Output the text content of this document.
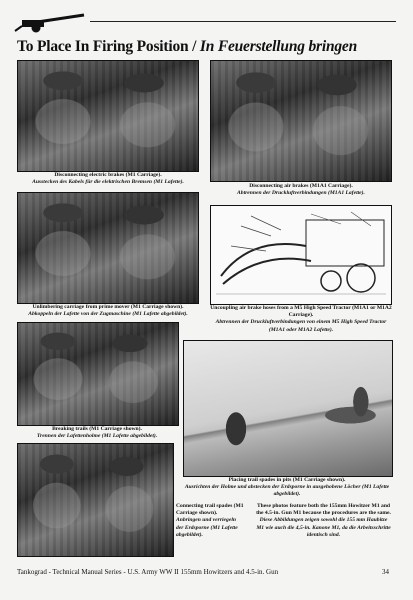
To Place In Firing Position / In Feuerstellung bringen
Disconnecting electric brakes (M1 Carriage).
Ausstecken des Kabels für die elektrischen Bremsen (M1 Lafette).
Disconnecting air brakes (M1A1 Carriage).
Abtrennen der Druckluftverbindungen (M1A1 Lafette).
Unlimbering carriage from prime mover (M1 Carriage shown).
Abkoppeln der Lafette von der Zugmaschine (M1 Lafette abgebildet).
Uncoupling air brake hoses from a M5 High Speed Tractor (M1A1 or M1A2 Carriage).
Abtrennen der Druckluftverbindungen von einem M5 High Speed Tractor (M1A1 oder M1A2 Lafette).
Breaking trails (M1 Carriage shown).
Trennen der Lafettenholme (M1 Lafette abgebildet).
Placing trail spades in pits (M1 Carriage shown).
Ausrichten der Holme und abstecken der Erdsporne in ausgehobene Löcher (M1 Lafette abgebildet).
Connecting trail spades (M1 Carriage shown).
Anbringen und verriegeln der Erdsporne (M1 Lafette abgebildet).
These photos feature both the 155mm Howitzer M1 and the 4.5-in. Gun M1 because the procedures are the same.
Diese Abbildungen zeigen sowohl die 155 mm Haubitze M1 wie auch die 4,5-in. Kanone M1, da die Arbeitsschritte identisch sind.
Tankograd - Technical Manual Series - U.S. Army WW II 155mm Howitzers and 4.5-in. Gun	34
